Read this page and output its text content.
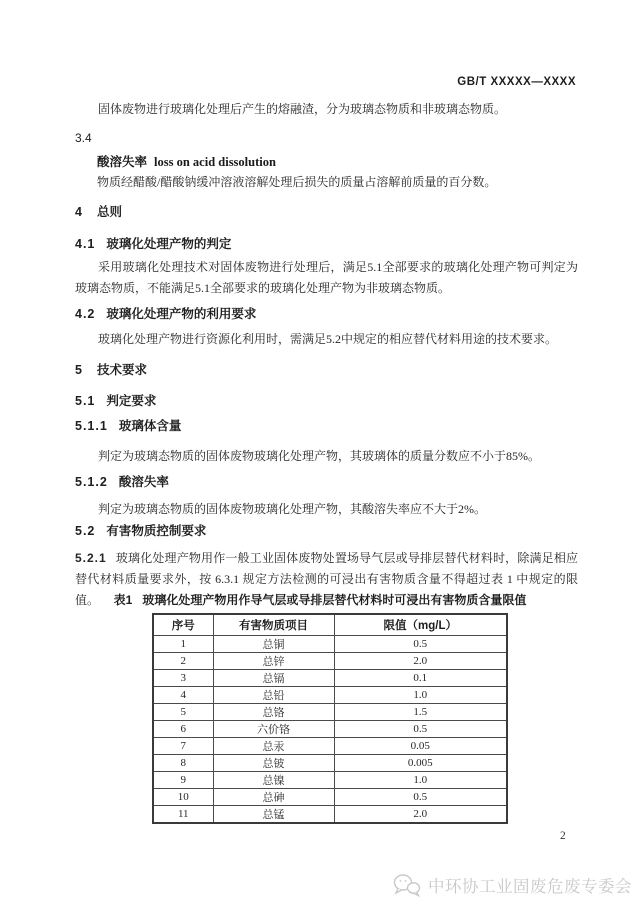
GB/T XXXXX—XXXX

固体废物进行玻璃化处理后产生的熔融渣，分为玻璃态物质和非玻璃态物质。

3.4
酸溶失率 loss on acid dissolution

物质经醋酸/醋酸钠缓冲溶液溶解处理后损失的质量占溶解前质量的百分数。

4 总则
4.1 玻璃化处理产物的判定

采用玻璃化处理技术对固体废物进行处理后，满足5.1全部要求的玻璃化处理产物可判定为玻璃态物质，不能满足5.1全部要求的玻璃化处理产物为非玻璃态物质。

4.2 玻璃化处理产物的利用要求

玻璃化处理产物进行资源化利用时，需满足5.2中规定的相应替代材料用途的技术要求。

5 技术要求
5.1 判定要求
5.1.1 玻璃体含量

判定为玻璃态物质的固体废物玻璃化处理产物，其玻璃体的质量分数应不小于85%。

5.1.2 酸溶失率

判定为玻璃态物质的固体废物玻璃化处理产物，其酸溶失率应不大于2%。

5.2 有害物质控制要求

5.2.1 玻璃化处理产物用作一般工业固体废物处置场导气层或导排层替代材料时，除满足相应替代材料质量要求外，按 6.3.1 规定方法检测的可浸出有害物质含量不得超过表 1 中规定的限值。	表1 玻璃化处理产物用作导气层或导排层替代材料时可浸出有害物质含量限值
序号	有害物质项目	限值（mg/L）
1	总铜	0.5
2	总锌	2.0
3	总镉	0.1
4	总铅	1.0
5	总铬	1.5
6	六价铬	0.5
7	总汞	0.05
8	总铍	0.005
9	总镍	1.0
10	总砷	0.5
11	总锰	2.0
2
中环协工业固废危废专委会
